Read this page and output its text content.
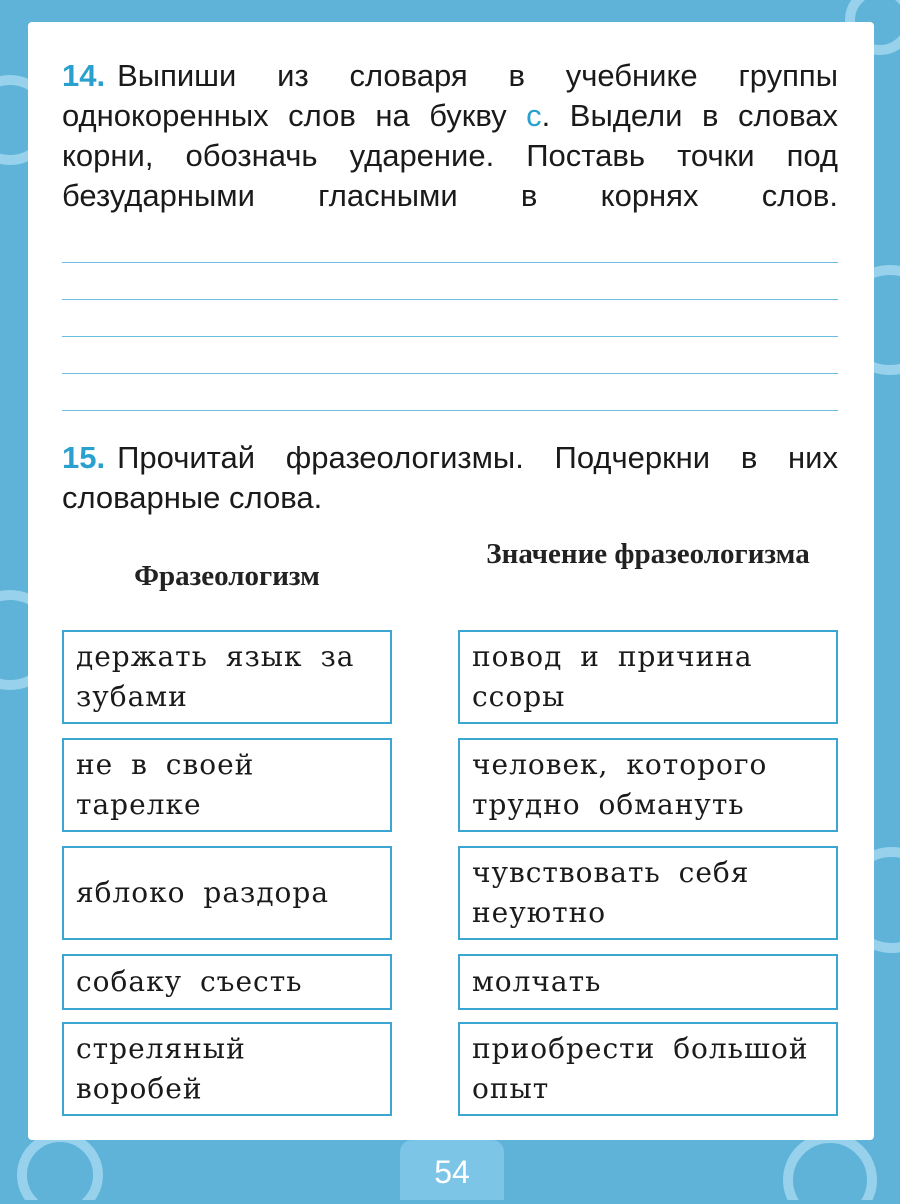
14. Выпиши из словаря в учебнике группы однокоренных слов на букву с. Выдели в словах корни, обозначь ударение. Поставь точки под безударными гласными в корнях слов.
15. Прочитай фразеологизмы. Подчеркни в них словарные слова.
Фразеологизм
Значение фразеологизма
держать язык за зубами
не в своей тарелке
яблоко раздора
собаку съесть
стреляный воробей
повод и причина ссоры
человек, которого трудно обмануть
чувствовать себя неуютно
молчать
приобрести большой опыт
54
